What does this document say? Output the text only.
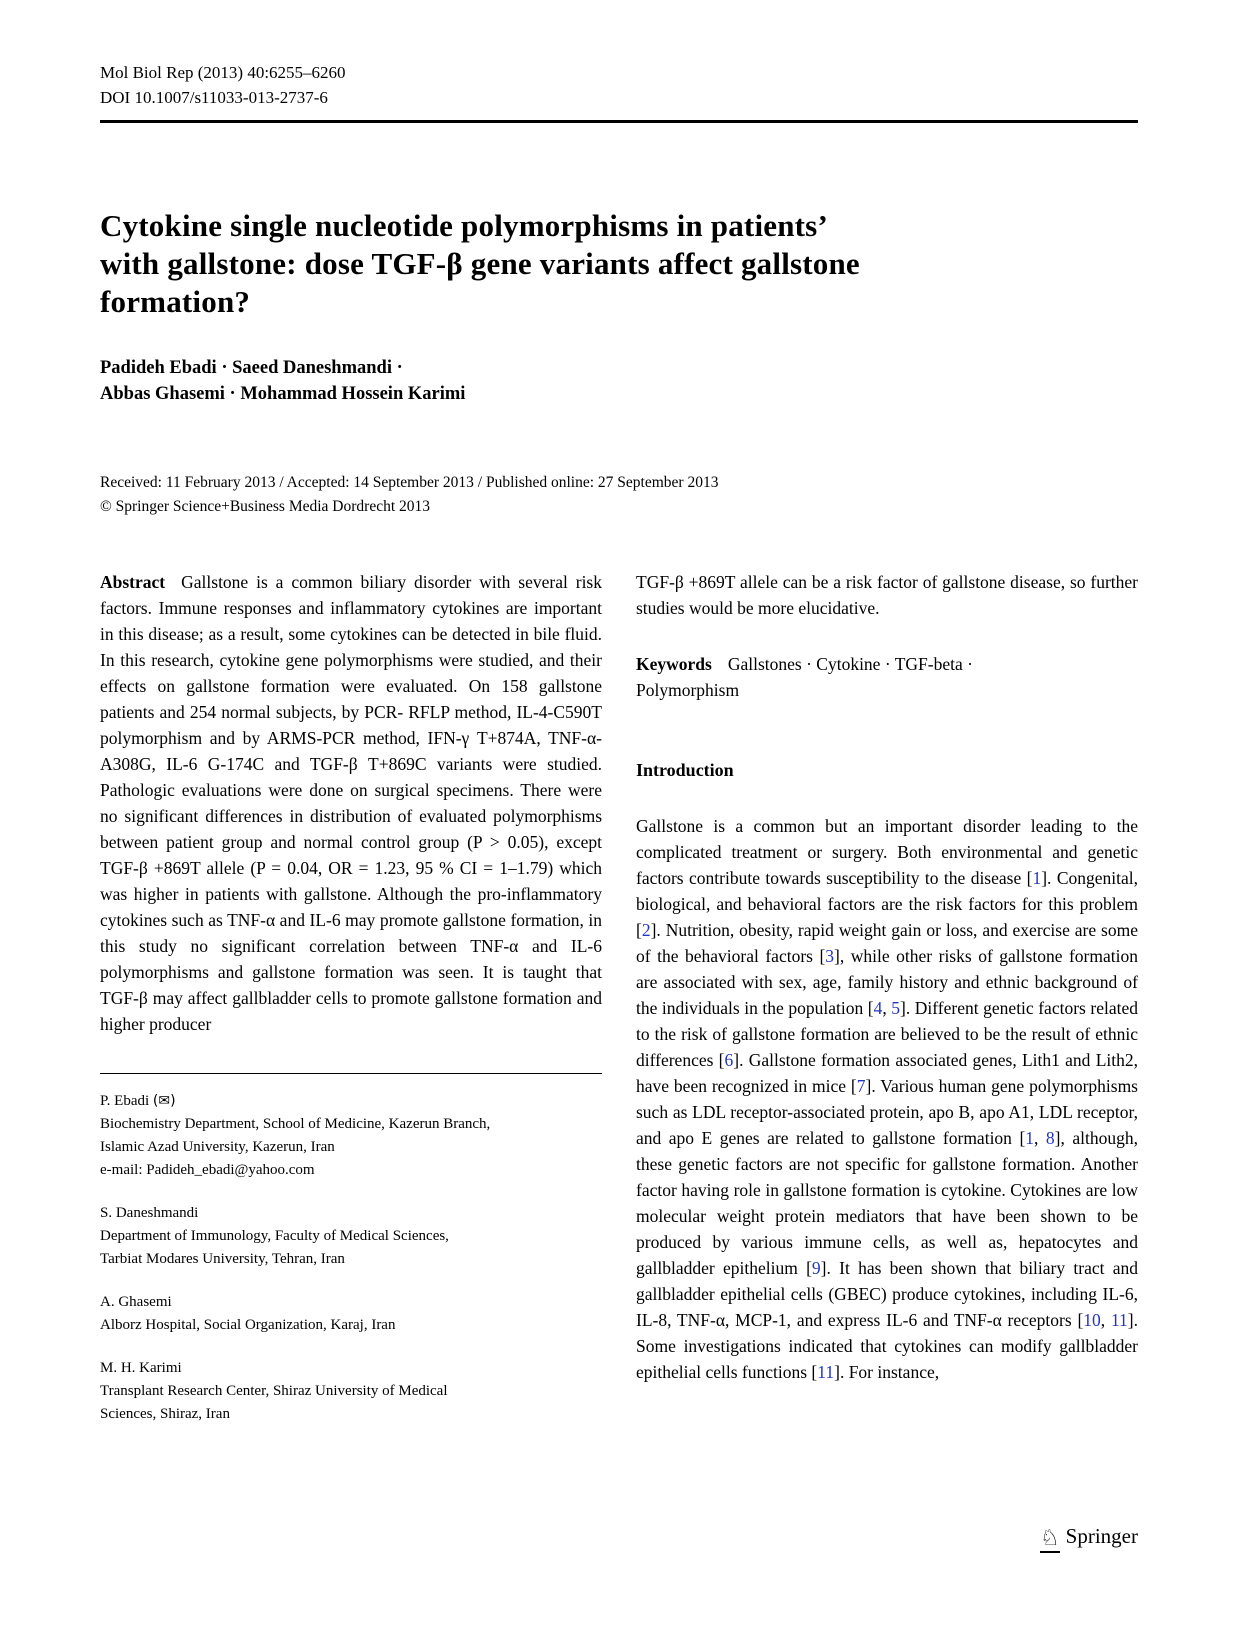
Mol Biol Rep (2013) 40:6255–6260
DOI 10.1007/s11033-013-2737-6
Cytokine single nucleotide polymorphisms in patients’
with gallstone: dose TGF-β gene variants affect gallstone
formation?
Padideh Ebadi · Saeed Daneshmandi ·
Abbas Ghasemi · Mohammad Hossein Karimi
Received: 11 February 2013 / Accepted: 14 September 2013 / Published online: 27 September 2013
© Springer Science+Business Media Dordrecht 2013

Abstract Gallstone is a common biliary disorder with several risk factors. Immune responses and inflammatory cytokines are important in this disease; as a result, some cytokines can be detected in bile fluid. In this research, cytokine gene polymorphisms were studied, and their effects on gallstone formation were evaluated. On 158 gallstone patients and 254 normal subjects, by PCR- RFLP method, IL-4-C590T polymorphism and by ARMS-PCR method, IFN-γ T+874A, TNF-α-A308G, IL-6 G-174C and TGF-β T+869C variants were studied. Pathologic evaluations were done on surgical specimens. There were no significant differences in distribution of evaluated polymorphisms between patient group and normal control group (P > 0.05), except TGF-β +869T allele (P = 0.04, OR = 1.23, 95 % CI = 1–1.79) which was higher in patients with gallstone. Although the pro-inflammatory cytokines such as TNF-α and IL-6 may promote gallstone formation, in this study no significant correlation between TNF-α and IL-6 polymorphisms and gallstone formation was seen. It is taught that TGF-β may affect gallbladder cells to promote gallstone formation and higher producer

P. Ebadi (✉)
Biochemistry Department, School of Medicine, Kazerun Branch,
Islamic Azad University, Kazerun, Iran
e-mail: Padideh_ebadi@yahoo.com
S. Daneshmandi
Department of Immunology, Faculty of Medical Sciences,
Tarbiat Modares University, Tehran, Iran
A. Ghasemi
Alborz Hospital, Social Organization, Karaj, Iran
M. H. Karimi
Transplant Research Center, Shiraz University of Medical
Sciences, Shiraz, Iran

TGF-β +869T allele can be a risk factor of gallstone disease, so further studies would be more elucidative.

Keywords Gallstones · Cytokine · TGF-beta ·
Polymorphism
Introduction

Gallstone is a common but an important disorder leading to the complicated treatment or surgery. Both environmental and genetic factors contribute towards susceptibility to the disease [1]. Congenital, biological, and behavioral factors are the risk factors for this problem [2]. Nutrition, obesity, rapid weight gain or loss, and exercise are some of the behavioral factors [3], while other risks of gallstone formation are associated with sex, age, family history and ethnic background of the individuals in the population [4, 5]. Different genetic factors related to the risk of gallstone formation are believed to be the result of ethnic differences [6]. Gallstone formation associated genes, Lith1 and Lith2, have been recognized in mice [7]. Various human gene polymorphisms such as LDL receptor-associated protein, apo B, apo A1, LDL receptor, and apo E genes are related to gallstone formation [1, 8], although, these genetic factors are not specific for gallstone formation. Another factor having role in gallstone formation is cytokine. Cytokines are low molecular weight protein mediators that have been shown to be produced by various immune cells, as well as, hepatocytes and gallbladder epithelium [9]. It has been shown that biliary tract and gallbladder epithelial cells (GBEC) produce cytokines, including IL-6, IL-8, TNF-α, MCP-1, and express IL-6 and TNF-α receptors [10, 11]. Some investigations indicated that cytokines can modify gallbladder epithelial cells functions [11]. For instance,

♘ Springer
